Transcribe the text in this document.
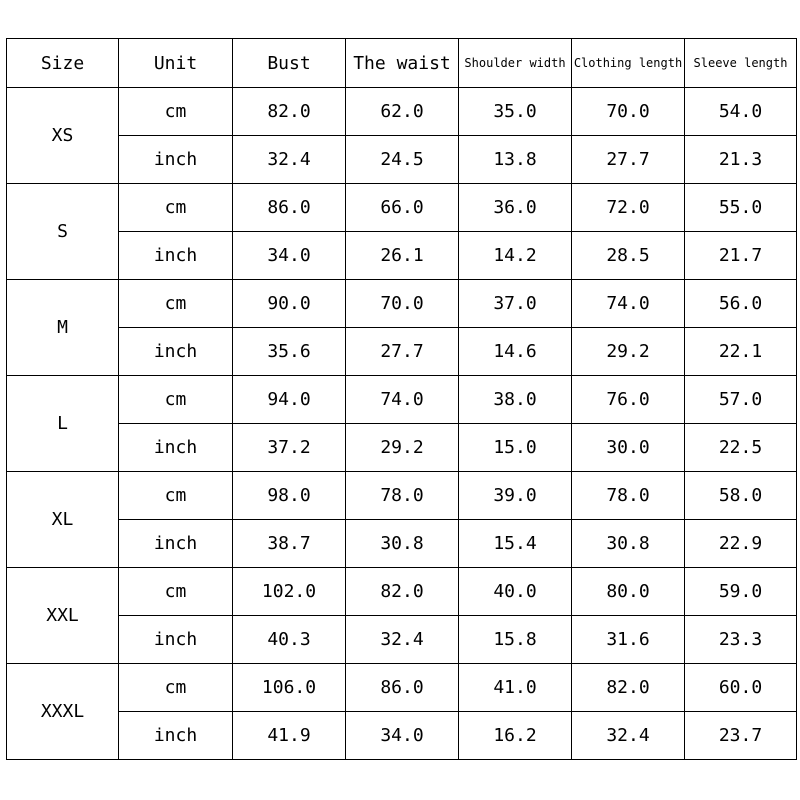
Size	Unit	Bust	The waist	Shoulder width	Clothing length	Sleeve length
XS	cm	82.0	62.0	35.0	70.0	54.0
	inch	32.4	24.5	13.8	27.7	21.3
S	cm	86.0	66.0	36.0	72.0	55.0
	inch	34.0	26.1	14.2	28.5	21.7
M	cm	90.0	70.0	37.0	74.0	56.0
	inch	35.6	27.7	14.6	29.2	22.1
L	cm	94.0	74.0	38.0	76.0	57.0
	inch	37.2	29.2	15.0	30.0	22.5
XL	cm	98.0	78.0	39.0	78.0	58.0
	inch	38.7	30.8	15.4	30.8	22.9
XXL	cm	102.0	82.0	40.0	80.0	59.0
	inch	40.3	32.4	15.8	31.6	23.3
XXXL	cm	106.0	86.0	41.0	82.0	60.0
	inch	41.9	34.0	16.2	32.4	23.7
